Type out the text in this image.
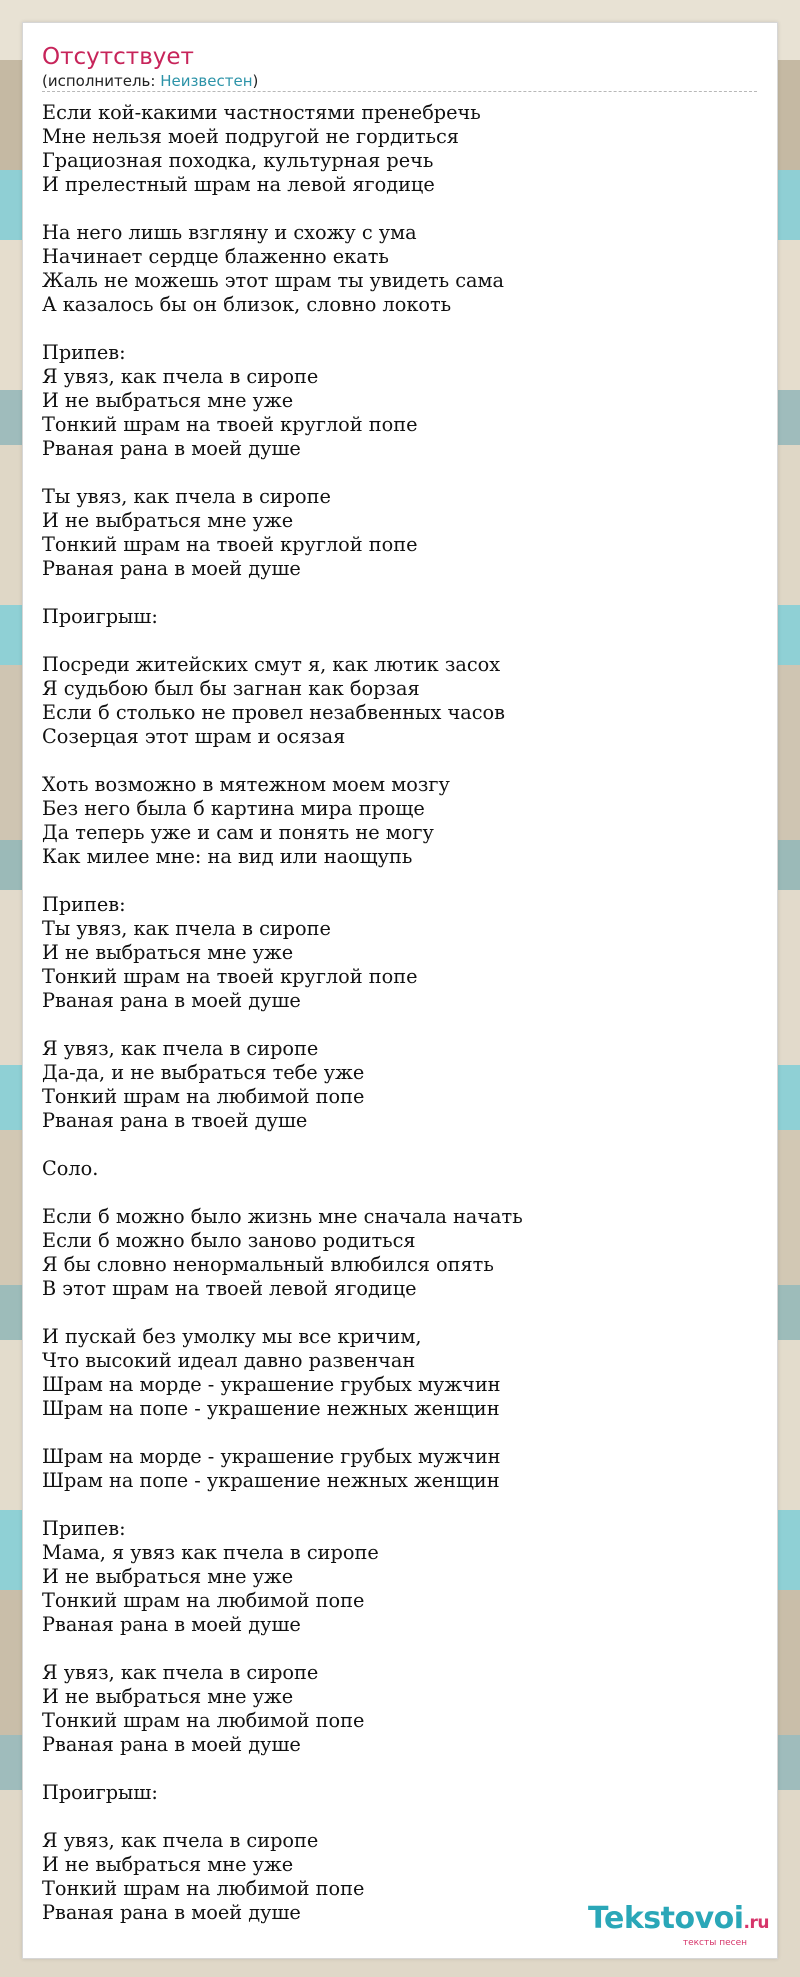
Отсутствует
(исполнитель: Неизвестен)
Если кой-какими частностями пренебречь
Мне нельзя моей подругой не гордиться
Грациозная походка, культурная речь
И прелестный шрам на левой ягодице
На него лишь взгляну и схожу с ума
Начинает сердце блаженно екать
Жаль не можешь этот шрам ты увидеть сама
А казалось бы он близок, словно локоть
Припев:
Я увяз, как пчела в сиропе
И не выбраться мне уже
Тонкий шрам на твоей круглой попе
Рваная рана в моей душе
Ты увяз, как пчела в сиропе
И не выбраться мне уже
Тонкий шрам на твоей круглой попе
Рваная рана в моей душе
Проигрыш:
Посреди житейских смут я, как лютик засох
Я судьбою был бы загнан как борзая
Если б столько не провел незабвенных часов
Созерцая этот шрам и осязая
Хоть возможно в мятежном моем мозгу
Без него была б картина мира проще
Да теперь уже и сам и понять не могу
Как милее мне: на вид или наощупь
Припев:
Ты увяз, как пчела в сиропе
И не выбраться мне уже
Тонкий шрам на твоей круглой попе
Рваная рана в моей душе
Я увяз, как пчела в сиропе
Да-да, и не выбраться тебе уже
Тонкий шрам на любимой попе
Рваная рана в твоей душе
Соло.
Если б можно было жизнь мне сначала начать
Если б можно было заново родиться
Я бы словно ненормальный влюбился опять
В этот шрам на твоей левой ягодице
И пускай без умолку мы все кричим,
Что высокий идеал давно развенчан
Шрам на морде - украшение грубых мужчин
Шрам на попе - украшение нежных женщин
Шрам на морде - украшение грубых мужчин
Шрам на попе - украшение нежных женщин
Припев:
Мама, я увяз как пчела в сиропе
И не выбраться мне уже
Тонкий шрам на любимой попе
Рваная рана в моей душе
Я увяз, как пчела в сиропе
И не выбраться мне уже
Тонкий шрам на любимой попе
Рваная рана в моей душе
Проигрыш:
Я увяз, как пчела в сиропе
И не выбраться мне уже
Тонкий шрам на любимой попе
Рваная рана в моей душе	Tekstovoi.ru
тексты песен
